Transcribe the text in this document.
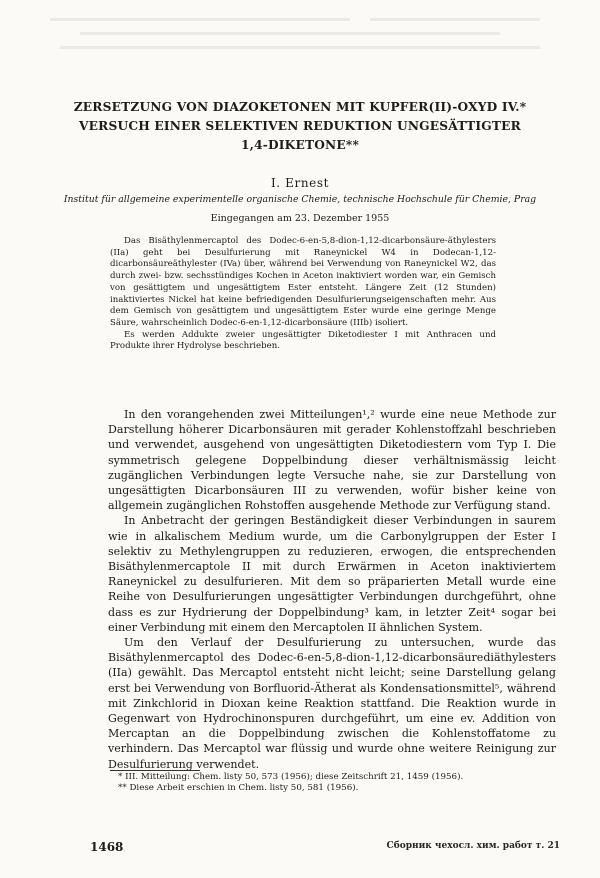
ZERSETZUNG VON DIAZOKETONEN MIT KUPFER(II)-OXYD IV.*
VERSUCH EINER SELEKTIVEN REDUKTION UNGESÄTTIGTER
1,4-DIKETONE**
I. Ernest
Institut für allgemeine experimentelle organische Chemie, technische Hochschule für Chemie, Prag
Eingegangen am 23. Dezember 1955

Das Bisäthylenmercaptol des Dodec-6-en-5,8-dion-1,12-dicarbonsäure-äthylesters (IIa) geht bei Desulfurierung mit Raneynickel W4 in Dodecan-1,12-dicarbonsäureäthylester (IVa) über, während bei Verwendung von Raneynickel W2, das durch zwei- bzw. sechsstündiges Kochen in Aceton inaktiviert worden war, ein Gemisch von gesättigtem und ungesättigtem Ester entsteht. Längere Zeit (12 Stunden) inaktiviertes Nickel hat keine befriedigenden Desulfurierungseigenschaften mehr. Aus dem Gemisch von gesättigtem und ungesättigtem Ester wurde eine geringe Menge Säure, wahrscheinlich Dodec-6-en-1,12-dicarbonsäure (IIIb) isoliert.

Es werden Addukte zweier ungesättigter Diketodiester I mit Anthracen und Produkte ihrer Hydrolyse beschrieben.

In den vorangehenden zwei Mitteilungen¹,² wurde eine neue Methode zur Darstellung höherer Dicarbonsäuren mit gerader Kohlenstoffzahl beschrieben und verwendet, ausgehend von ungesättigten Diketodiestern vom Typ I. Die symmetrisch gelegene Doppelbindung dieser verhältnismässig leicht zugänglichen Verbindungen legte Versuche nahe, sie zur Darstellung von ungesättigten Dicarbonsäuren III zu verwenden, wofür bisher keine von allgemein zugänglichen Rohstoffen ausgehende Methode zur Verfügung stand.

In Anbetracht der geringen Beständigkeit dieser Verbindungen in saurem wie in alkalischem Medium wurde, um die Carbonylgruppen der Ester I selektiv zu Methylengruppen zu reduzieren, erwogen, die entsprechenden Bisäthylenmercaptole II mit durch Erwärmen in Aceton inaktiviertem Raneynickel zu desulfurieren. Mit dem so präparierten Metall wurde eine Reihe von Desulfurierungen ungesättigter Verbindungen durchgeführt, ohne dass es zur Hydrierung der Doppelbindung³ kam, in letzter Zeit⁴ sogar bei einer Verbindung mit einem den Mercaptolen II ähnlichen System.

Um den Verlauf der Desulfurierung zu untersuchen, wurde das Bisäthylenmercaptol des Dodec-6-en-5,8-dion-1,12-dicarbonsäurediäthylesters (IIa) gewählt. Das Mercaptol entsteht nicht leicht; seine Darstellung gelang erst bei Verwendung von Borfluorid-Ätherat als Kondensationsmittel⁵, während mit Zinkchlorid in Dioxan keine Reaktion stattfand. Die Reaktion wurde in Gegenwart von Hydrochinonspuren durchgeführt, um eine ev. Addition von Mercaptan an die Doppelbindung zwischen die Kohlenstoffatome zu verhindern. Das Mercaptol war flüssig und wurde ohne weitere Reinigung zur Desulfurierung verwendet.

* III. Mitteilung: Chem. listy 50, 573 (1956); diese Zeitschrift 21, 1459 (1956).
** Diese Arbeit erschien in Chem. listy 50, 581 (1956).
1468	Сборник чехосл. хим. работ т. 21
